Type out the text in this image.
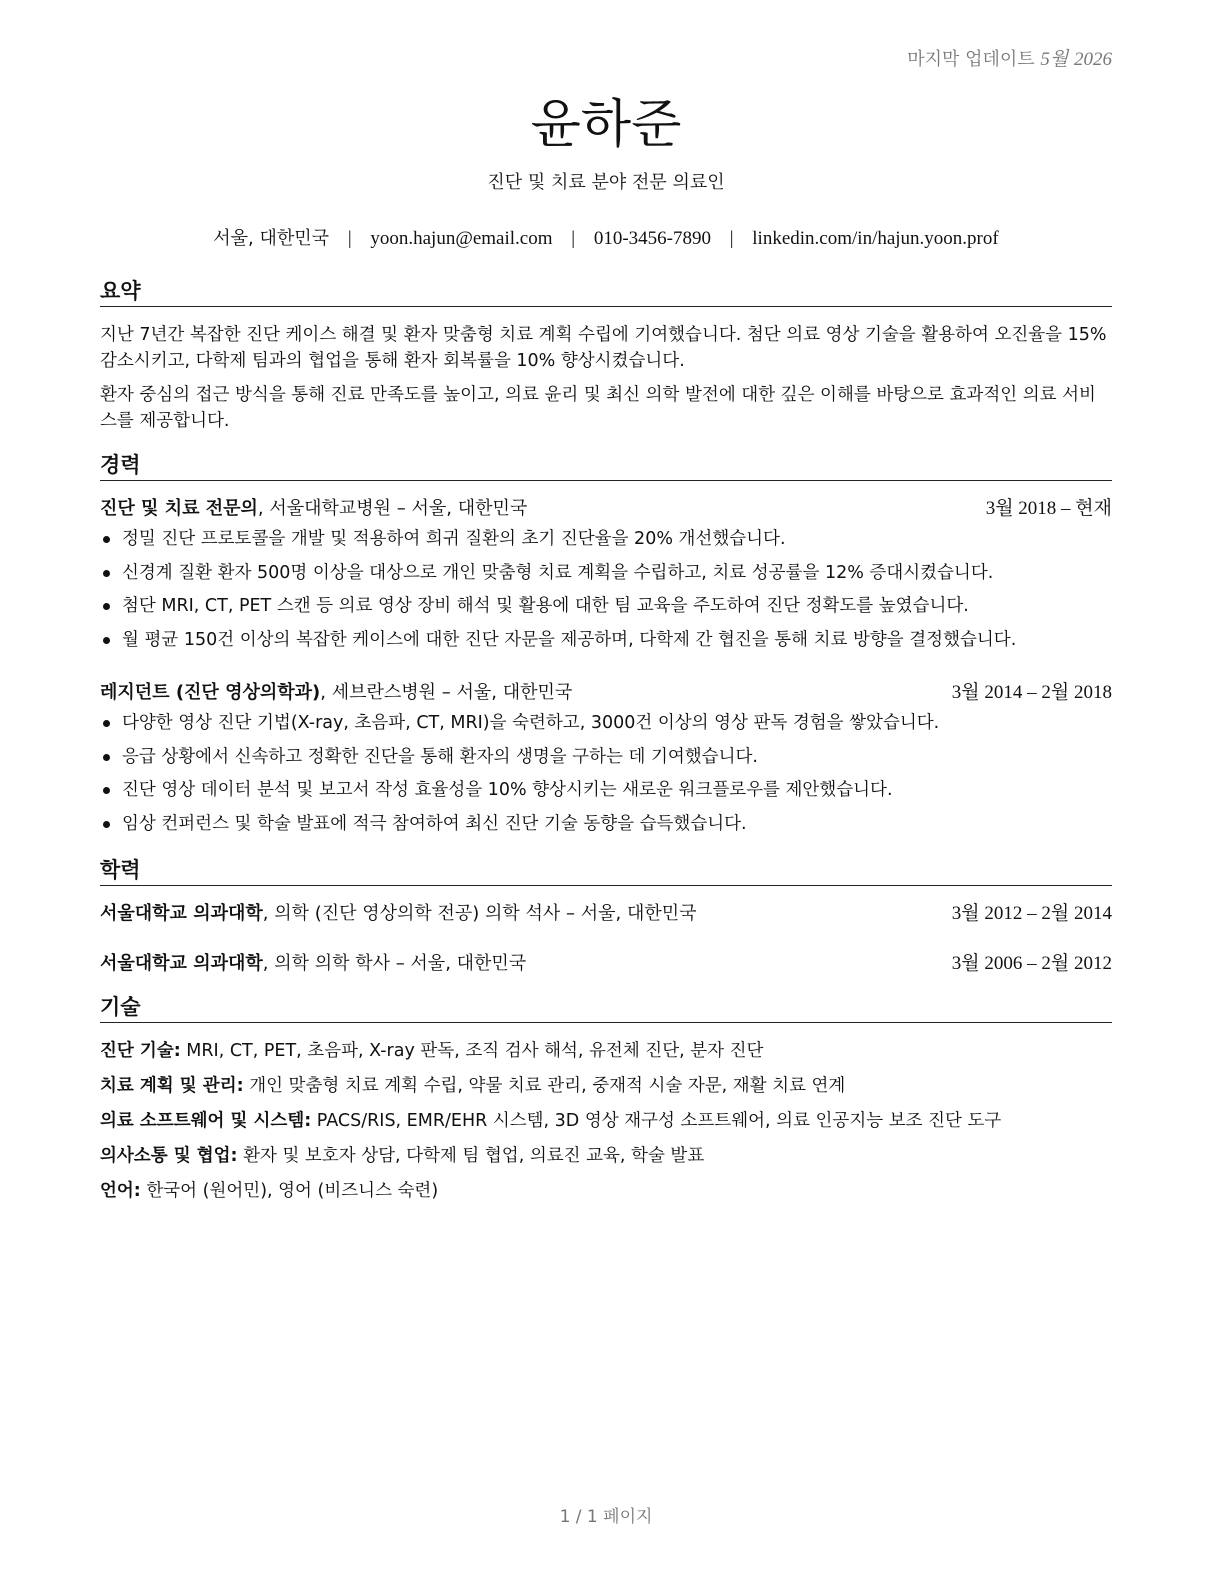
마지막 업데이트 5월 2026
윤하준
진단 및 치료 분야 전문 의료인
서울, 대한민국 | yoon.hajun@email.com | 010-3456-7890 | linkedin.com/in/hajun.yoon.prof
요약
지난 7년간 복잡한 진단 케이스 해결 및 환자 맞춤형 치료 계획 수립에 기여했습니다. 첨단 의료 영상 기술을 활용하여 오진율을 15% 감소시키고, 다학제 팀과의 협업을 통해 환자 회복률을 10% 향상시켰습니다.
환자 중심의 접근 방식을 통해 진료 만족도를 높이고, 의료 윤리 및 최신 의학 발전에 대한 깊은 이해를 바탕으로 효과적인 의료 서비스를 제공합니다.
경력
진단 및 치료 전문의, 서울대학교병원 – 서울, 대한민국	3월 2018 – 현재
정밀 진단 프로토콜을 개발 및 적용하여 희귀 질환의 초기 진단율을 20% 개선했습니다.
신경계 질환 환자 500명 이상을 대상으로 개인 맞춤형 치료 계획을 수립하고, 치료 성공률을 12% 증대시켰습니다.
첨단 MRI, CT, PET 스캔 등 의료 영상 장비 해석 및 활용에 대한 팀 교육을 주도하여 진단 정확도를 높였습니다.
월 평균 150건 이상의 복잡한 케이스에 대한 진단 자문을 제공하며, 다학제 간 협진을 통해 치료 방향을 결정했습니다.
레지던트 (진단 영상의학과), 세브란스병원 – 서울, 대한민국	3월 2014 – 2월 2018
다양한 영상 진단 기법(X-ray, 초음파, CT, MRI)을 숙련하고, 3000건 이상의 영상 판독 경험을 쌓았습니다.
응급 상황에서 신속하고 정확한 진단을 통해 환자의 생명을 구하는 데 기여했습니다.
진단 영상 데이터 분석 및 보고서 작성 효율성을 10% 향상시키는 새로운 워크플로우를 제안했습니다.
임상 컨퍼런스 및 학술 발표에 적극 참여하여 최신 진단 기술 동향을 습득했습니다.
학력
서울대학교 의과대학, 의학 (진단 영상의학 전공) 의학 석사 – 서울, 대한민국	3월 2012 – 2월 2014
서울대학교 의과대학, 의학 의학 학사 – 서울, 대한민국	3월 2006 – 2월 2012
기술
진단 기술: MRI, CT, PET, 초음파, X-ray 판독, 조직 검사 해석, 유전체 진단, 분자 진단
치료 계획 및 관리: 개인 맞춤형 치료 계획 수립, 약물 치료 관리, 중재적 시술 자문, 재활 치료 연계
의료 소프트웨어 및 시스템: PACS/RIS, EMR/EHR 시스템, 3D 영상 재구성 소프트웨어, 의료 인공지능 보조 진단 도구
의사소통 및 협업: 환자 및 보호자 상담, 다학제 팀 협업, 의료진 교육, 학술 발표
언어: 한국어 (원어민), 영어 (비즈니스 숙련)
1 / 1 페이지
